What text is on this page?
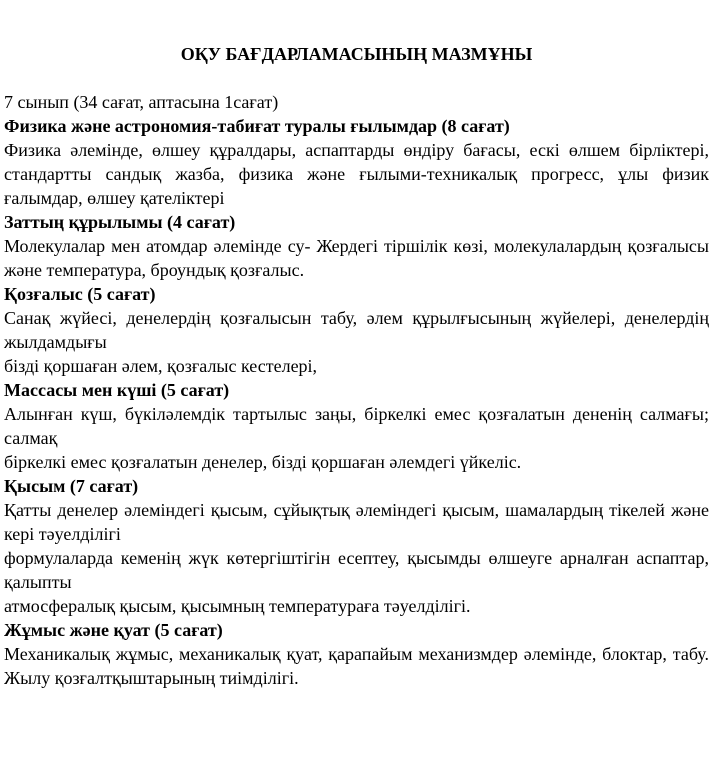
ОҚУ БАҒДАРЛАМАСЫНЫҢ МАЗМҰНЫ
7 сынып (34 сағат, аптасына 1сағат)
Физика және астрономия-табиғат туралы ғылымдар (8 сағат)
Физика әлемінде, өлшеу құралдары, аспаптарды өндіру бағасы, ескі өлшем бірліктері, стандартты сандық жазба, физика және ғылыми-техникалық прогресс, ұлы физик ғалымдар, өлшеу қателіктері
Заттың құрылымы (4 сағат)
Молекулалар мен атомдар әлемінде су- Жердегі тіршілік көзі, молекулалардың қозғалысы және температура, броундық қозғалыс.
Қозғалыс (5 сағат)
Санақ жүйесі, денелердің қозғалысын табу, әлем құрылғысының жүйелері, денелердің жылдамдығы
бізді қоршаған әлем, қозғалыс кестелері,
Массасы мен күші (5 сағат)
Алынған күш, бүкіләлемдік тартылыс заңы, біркелкі емес қозғалатын дененің салмағы; салмақ
біркелкі емес қозғалатын денелер, бізді қоршаған әлемдегі үйкеліс.
Қысым (7 сағат)
Қатты денелер әлеміндегі қысым, сұйықтық әлеміндегі қысым, шамалардың тікелей және кері тәуелділігі
формулаларда кеменің жүк көтергіштігін есептеу, қысымды өлшеуге арналған аспаптар, қалыпты
атмосфералық қысым, қысымның температураға тәуелділігі.
Жұмыс және қуат (5 сағат)
Механикалық жұмыс, механикалық қуат, қарапайым механизмдер әлемінде, блоктар, табу. Жылу қозғалтқыштарының тиімділігі.
